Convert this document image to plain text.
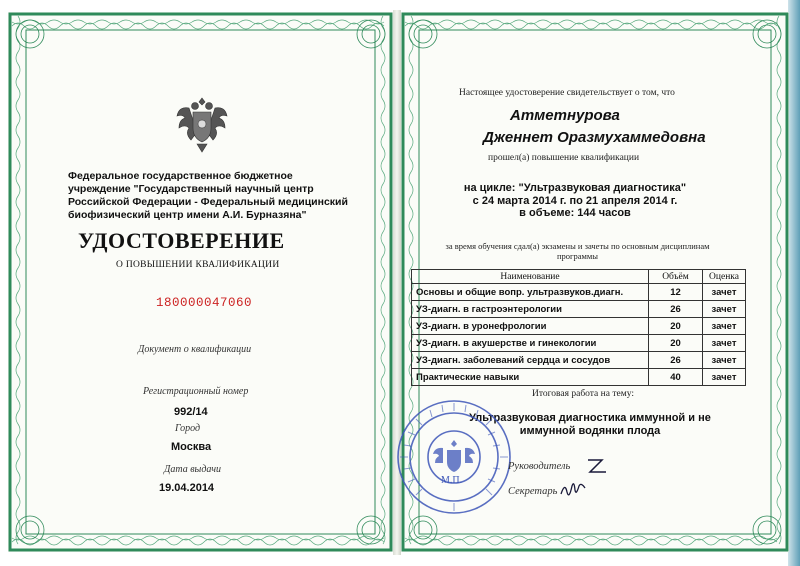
Федеральное государственное бюджетное учреждение "Государственный научный центр Российской Федерации - Федеральный медицинский биофизический центр имени А.И. Бурназяна"
УДОСТОВЕРЕНИЕ
О ПОВЫШЕНИИ КВАЛИФИКАЦИИ
180000047060
Документ о квалификации
Регистрационный номер
992/14
Город
Москва
Дата выдачи
19.04.2014
Настоящее удостоверение свидетельствует о том, что
Amметнурова
Дженнет Оразмухаммедовна
прошел(а) повышение квалификации
на цикле: "Ультразвуковая диагностика"
с 24 марта 2014 г. по 21 апреля 2014 г.
в объеме: 144 часов
за время обучения сдал(а) экзамены и зачеты по основным дисциплинам
программы
Наименование	Объём	Оценка
Основы и общие вопр. ультразвуков.диагн.	12	зачет
УЗ-диагн. в гастроэнтерологии	26	зачет
УЗ-диагн. в уронефрологии	20	зачет
УЗ-диагн. в акушерстве и гинекологии	20	зачет
УЗ-диагн. заболеваний сердца и сосудов	26	зачет
Практические навыки	40	зачет
Итоговая работа на тему:
Ультразвуковая диагностика иммунной и не
иммунной водянки плода
М.П.
Руководитель
Секретарь
